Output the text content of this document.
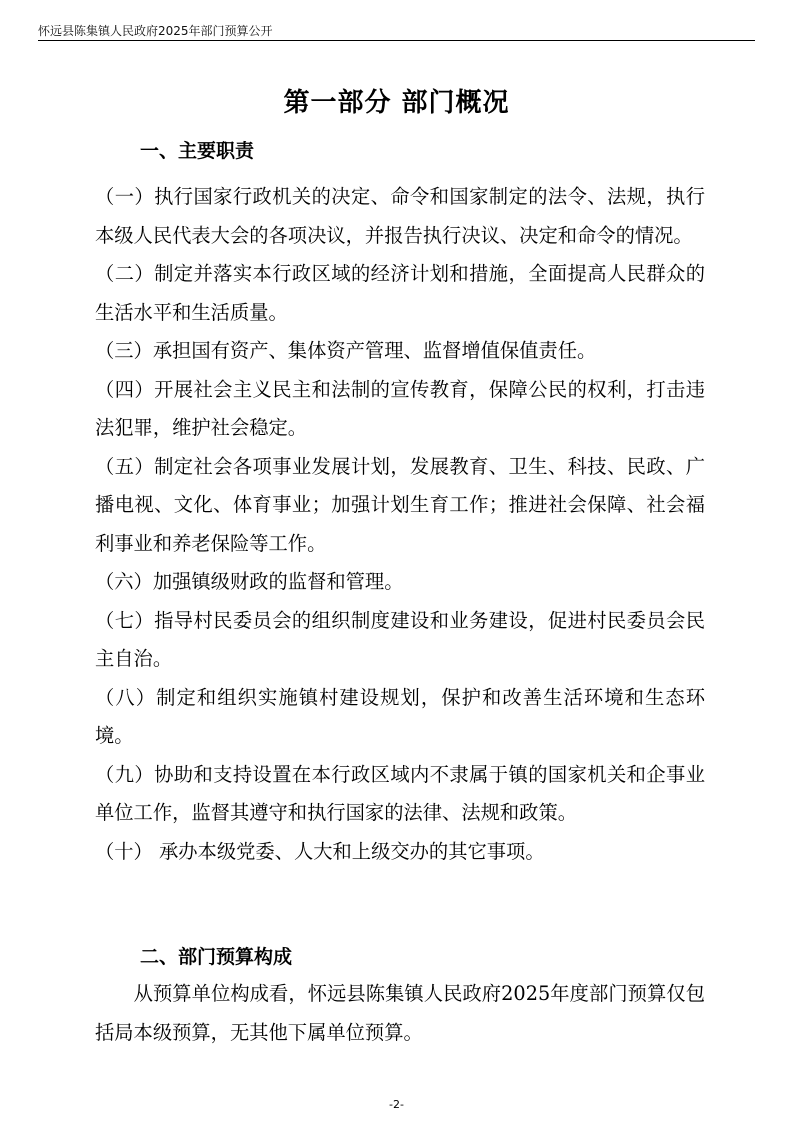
怀远县陈集镇人民政府2025年部门预算公开
第一部分 部门概况
一、主要职责

（一）执行国家行政机关的决定、命令和国家制定的法令、法规，执行本级人民代表大会的各项决议，并报告执行决议、决定和命令的情况。

（二）制定并落实本行政区域的经济计划和措施，全面提高人民群众的生活水平和生活质量。

（三）承担国有资产、集体资产管理、监督增值保值责任。

（四）开展社会主义民主和法制的宣传教育，保障公民的权利，打击违法犯罪，维护社会稳定。

（五）制定社会各项事业发展计划，发展教育、卫生、科技、民政、广播电视、文化、体育事业；加强计划生育工作；推进社会保障、社会福利事业和养老保险等工作。

（六）加强镇级财政的监督和管理。

（七）指导村民委员会的组织制度建设和业务建设，促进村民委员会民主自治。

（八）制定和组织实施镇村建设规划，保护和改善生活环境和生态环境。

（九）协助和支持设置在本行政区域内不隶属于镇的国家机关和企事业单位工作，监督其遵守和执行国家的法律、法规和政策。

（十） 承办本级党委、人大和上级交办的其它事项。

二、部门预算构成

从预算单位构成看，怀远县陈集镇人民政府2025年度部门预算仅包括局本级预算，无其他下属单位预算。

-2-
